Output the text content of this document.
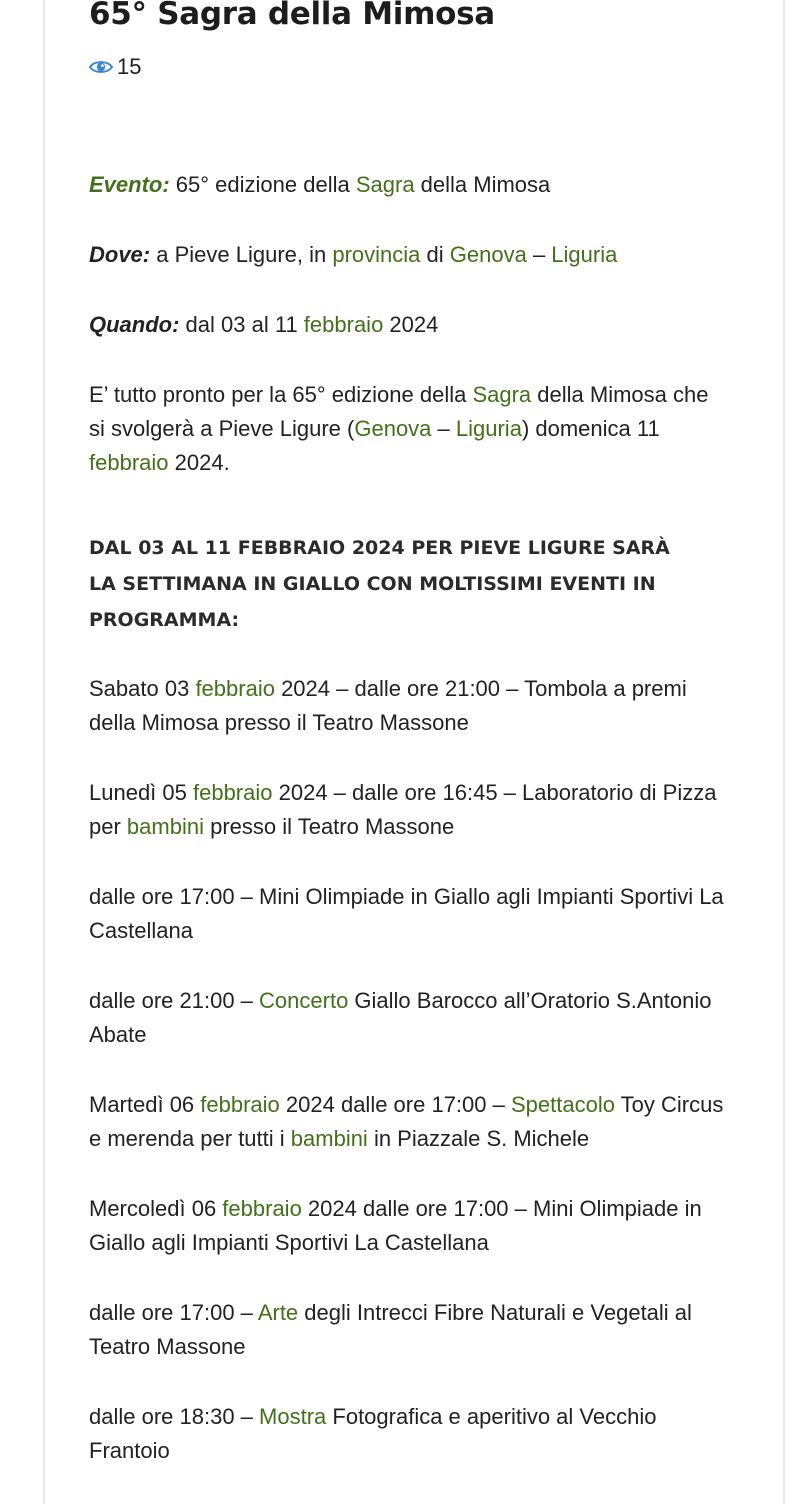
65° Sagra della Mimosa
15

Evento: 65° edizione della Sagra della Mimosa

Dove: a Pieve Ligure, in provincia di Genova – Liguria

Quando: dal 03 al 11 febbraio 2024

E’ tutto pronto per la 65° edizione della Sagra della Mimosa che si svolgerà a Pieve Ligure (Genova – Liguria) domenica 11 febbraio 2024.

DAL 03 AL 11 FEBBRAIO 2024 PER PIEVE LIGURE SARÀ LA SETTIMANA IN GIALLO CON MOLTISSIMI EVENTI IN PROGRAMMA:

Sabato 03 febbraio 2024 – dalle ore 21:00 – Tombola a premi della Mimosa presso il Teatro Massone

Lunedì 05 febbraio 2024 – dalle ore 16:45 – Laboratorio di Pizza per bambini presso il Teatro Massone

dalle ore 17:00 – Mini Olimpiade in Giallo agli Impianti Sportivi La Castellana

dalle ore 21:00 – Concerto Giallo Barocco all’Oratorio S.Antonio Abate

Martedì 06 febbraio 2024 dalle ore 17:00 – Spettacolo Toy Circus e merenda per tutti i bambini in Piazzale S. Michele

Mercoledì 06 febbraio 2024 dalle ore 17:00 – Mini Olimpiade in Giallo agli Impianti Sportivi La Castellana

dalle ore 17:00 – Arte degli Intrecci Fibre Naturali e Vegetali al Teatro Massone

dalle ore 18:30 – Mostra Fotografica e aperitivo al Vecchio Frantoio
